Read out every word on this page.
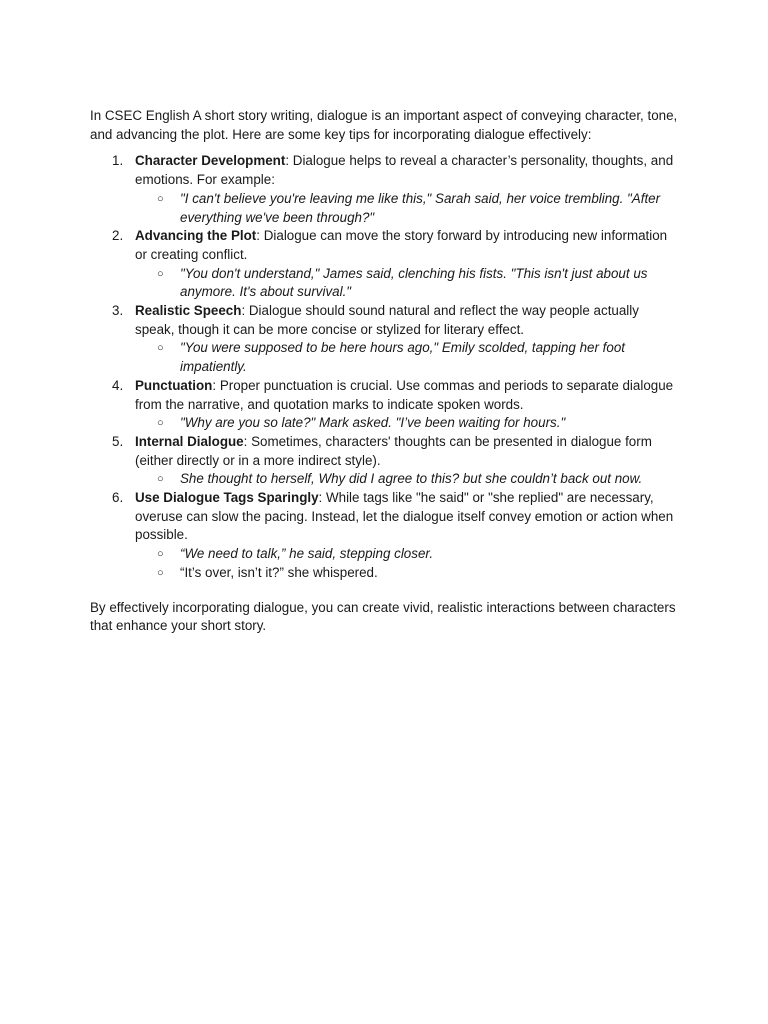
In CSEC English A short story writing, dialogue is an important aspect of conveying character, tone, and advancing the plot. Here are some key tips for incorporating dialogue effectively:

1. Character Development: Dialogue helps to reveal a character’s personality, thoughts, and emotions. For example:
○ "I can't believe you're leaving me like this," Sarah said, her voice trembling. "After everything we've been through?"
2. Advancing the Plot: Dialogue can move the story forward by introducing new information or creating conflict.
○ "You don't understand," James said, clenching his fists. "This isn't just about us anymore. It's about survival."
3. Realistic Speech: Dialogue should sound natural and reflect the way people actually speak, though it can be more concise or stylized for literary effect.
○ "You were supposed to be here hours ago," Emily scolded, tapping her foot impatiently.
4. Punctuation: Proper punctuation is crucial. Use commas and periods to separate dialogue from the narrative, and quotation marks to indicate spoken words.
○ "Why are you so late?" Mark asked. "I’ve been waiting for hours."
5. Internal Dialogue: Sometimes, characters' thoughts can be presented in dialogue form (either directly or in a more indirect style).
○ She thought to herself, Why did I agree to this? but she couldn’t back out now.
6. Use Dialogue Tags Sparingly: While tags like "he said" or "she replied" are necessary, overuse can slow the pacing. Instead, let the dialogue itself convey emotion or action when possible.
○ “We need to talk,” he said, stepping closer.
○ “It’s over, isn’t it?” she whispered.

By effectively incorporating dialogue, you can create vivid, realistic interactions between characters that enhance your short story.
